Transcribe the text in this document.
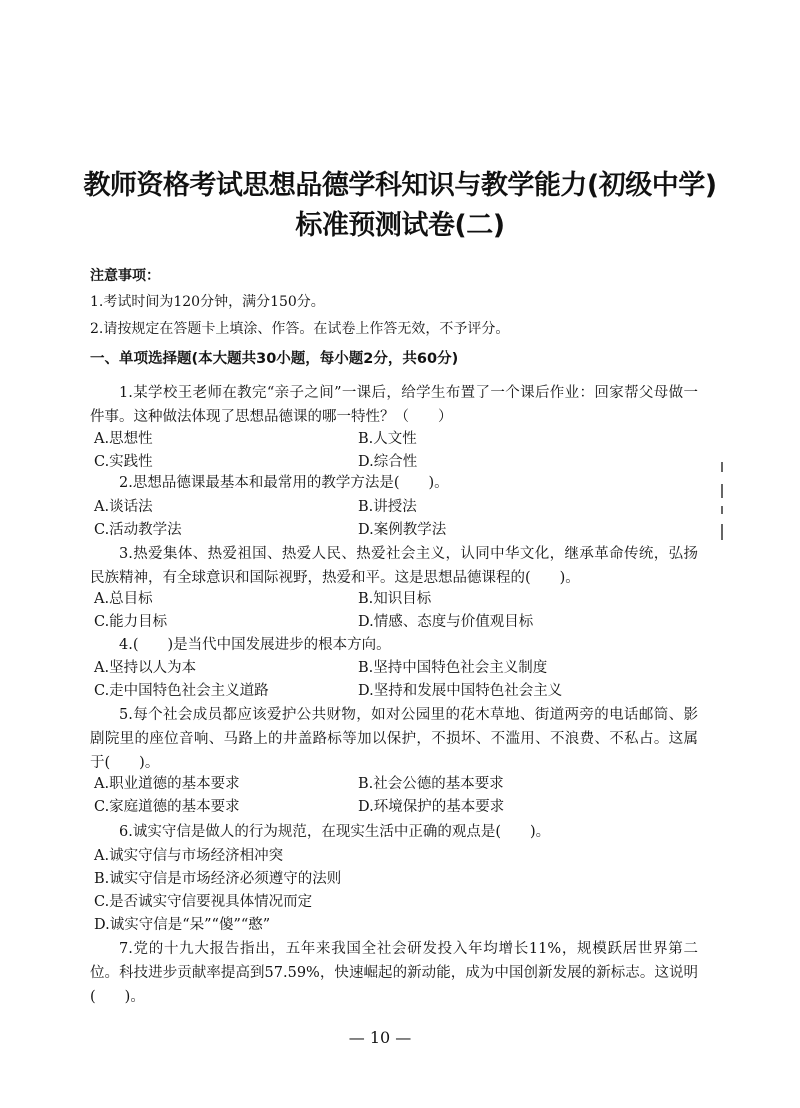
教师资格考试思想品德学科知识与教学能力(初级中学)
标准预测试卷(二)
注意事项：
1.考试时间为120分钟，满分150分。
2.请按规定在答题卡上填涂、作答。在试卷上作答无效，不予评分。
一、单项选择题(本大题共30小题，每小题2分，共60分)
1.某学校王老师在教完“亲子之间”一课后，给学生布置了一个课后作业：回家帮父母做一件事。这种做法体现了思想品德课的哪一特性？（　　）
A.思想性	B.人文性
C.实践性	D.综合性
2.思想品德课最基本和最常用的教学方法是(　　)。
A.谈话法	B.讲授法
C.活动教学法	D.案例教学法
3.热爱集体、热爱祖国、热爱人民、热爱社会主义，认同中华文化，继承革命传统，弘扬民族精神，有全球意识和国际视野，热爱和平。这是思想品德课程的(　　)。
A.总目标	B.知识目标
C.能力目标	D.情感、态度与价值观目标
4.(　　)是当代中国发展进步的根本方向。
A.坚持以人为本	B.坚持中国特色社会主义制度
C.走中国特色社会主义道路	D.坚持和发展中国特色社会主义
5.每个社会成员都应该爱护公共财物，如对公园里的花木草地、街道两旁的电话邮筒、影剧院里的座位音响、马路上的井盖路标等加以保护，不损坏、不滥用、不浪费、不私占。这属于(　　)。
A.职业道德的基本要求	B.社会公德的基本要求
C.家庭道德的基本要求	D.环境保护的基本要求
6.诚实守信是做人的行为规范，在现实生活中正确的观点是(　　)。
A.诚实守信与市场经济相冲突
B.诚实守信是市场经济必须遵守的法则
C.是否诚实守信要视具体情况而定
D.诚实守信是“呆”“傻”“憨”
7.党的十九大报告指出，五年来我国全社会研发投入年均增长11%，规模跃居世界第二位。科技进步贡献率提高到57.59%，快速崛起的新动能，成为中国创新发展的新标志。这说明(　　)。
— 10 —
